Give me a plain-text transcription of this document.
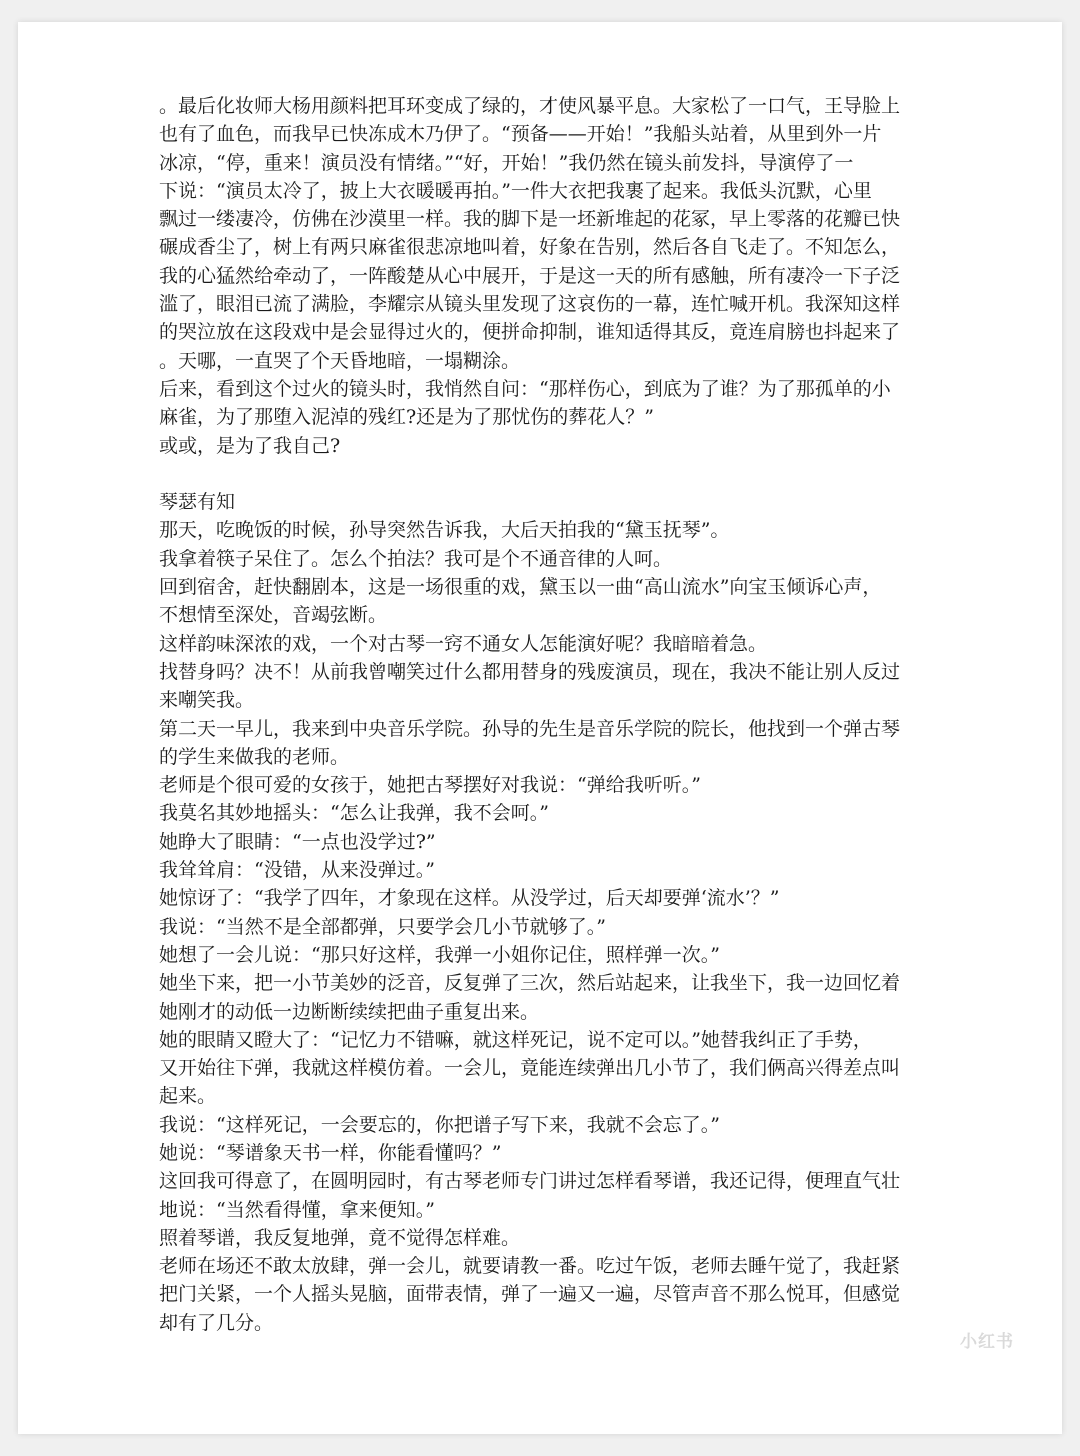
。最后化妆师大杨用颜料把耳环变成了绿的，才使风暴平息。大家松了一口气，王导脸上
也有了血色，而我早已快冻成木乃伊了。“预备——开始！”我船头站着，从里到外一片
冰凉，“停，重来！演员没有情绪。”“好，开始！”我仍然在镜头前发抖，导演停了一
下说：“演员太冷了，披上大衣暖暖再拍。”一件大衣把我裹了起来。我低头沉默，心里
飘过一缕凄冷，仿佛在沙漠里一样。我的脚下是一坯新堆起的花冢，早上零落的花瓣已快
碾成香尘了，树上有两只麻雀很悲凉地叫着，好象在告别，然后各自飞走了。不知怎么，
我的心猛然给牵动了，一阵酸楚从心中展开，于是这一天的所有感触，所有凄冷一下子泛
滥了，眼泪已流了满脸，李耀宗从镜头里发现了这哀伤的一幕，连忙喊开机。我深知这样
的哭泣放在这段戏中是会显得过火的，便拼命抑制，谁知适得其反，竟连肩膀也抖起来了
。天哪，一直哭了个天昏地暗，一塌糊涂。
后来，看到这个过火的镜头时，我悄然自问：“那样伤心，到底为了谁？为了那孤单的小
麻雀，为了那堕入泥淖的残红?还是为了那忧伤的葬花人？”
或或，是为了我自己?
琴瑟有知
那天，吃晚饭的时候，孙导突然告诉我，大后天拍我的“黛玉抚琴”。
我拿着筷子呆住了。怎么个拍法？我可是个不通音律的人呵。
回到宿舍，赶快翻剧本，这是一场很重的戏，黛玉以一曲“高山流水”向宝玉倾诉心声，
不想情至深处，音竭弦断。
这样韵味深浓的戏，一个对古琴一窍不通女人怎能演好呢？我暗暗着急。
找替身吗？决不！从前我曾嘲笑过什么都用替身的残废演员，现在，我决不能让别人反过
来嘲笑我。
第二天一早儿，我来到中央音乐学院。孙导的先生是音乐学院的院长，他找到一个弹古琴
的学生来做我的老师。
老师是个很可爱的女孩于，她把古琴摆好对我说：“弹给我听听。”
我莫名其妙地摇头：“怎么让我弹，我不会呵。”
她睁大了眼睛：“一点也没学过?”
我耸耸肩：“没错，从来没弹过。”
她惊讶了：“我学了四年，才象现在这样。从没学过，后天却要弹‘流水’？”
我说：“当然不是全部都弹，只要学会几小节就够了。”
她想了一会儿说：“那只好这样，我弹一小姐你记住，照样弹一次。”
她坐下来，把一小节美妙的泛音，反复弹了三次，然后站起来，让我坐下，我一边回忆着
她刚才的动低一边断断续续把曲子重复出来。
她的眼睛又瞪大了：“记忆力不错嘛，就这样死记，说不定可以。”她替我纠正了手势，
又开始往下弹，我就这样模仿着。一会儿，竟能连续弹出几小节了，我们俩高兴得差点叫
起来。
我说：“这样死记，一会要忘的，你把谱子写下来，我就不会忘了。”
她说：“琴谱象天书一样，你能看懂吗？”
这回我可得意了，在圆明园时，有古琴老师专门讲过怎样看琴谱，我还记得，便理直气壮
地说：“当然看得懂，拿来便知。”
照着琴谱，我反复地弹，竟不觉得怎样难。
老师在场还不敢太放肆，弹一会儿，就要请教一番。吃过午饭，老师去睡午觉了，我赶紧
把门关紧，一个人摇头晃脑，面带表情，弹了一遍又一遍，尽管声音不那么悦耳，但感觉
却有了几分。
小红书
